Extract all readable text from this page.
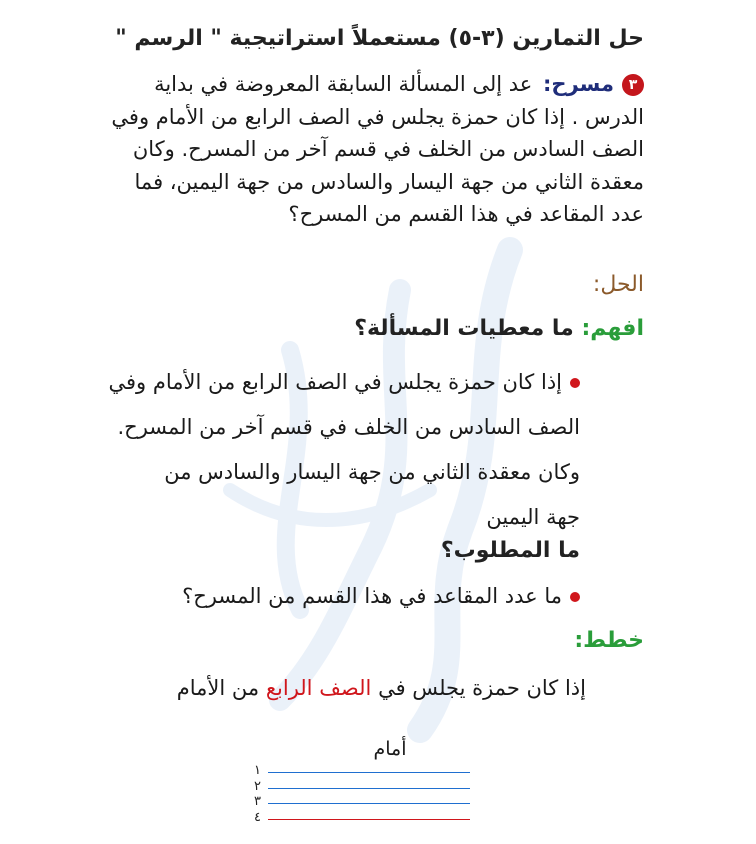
حل التمارين (٣-٥) مستعملاً استراتيجية " الرسم "
٣مسرح: عد إلى المسألة السابقة المعروضة في بداية الدرس . إذا كان حمزة يجلس في الصف الرابع من الأمام وفي الصف السادس من الخلف في قسم آخر من المسرح. وكان معقدة الثاني من جهة اليسار والسادس من جهة اليمين، فما عدد المقاعد في هذا القسم من المسرح؟
الحل:
افهم: ما معطيات المسألة؟
إذا كان حمزة يجلس في الصف الرابع من الأمام وفي
الصف السادس من الخلف في قسم آخر من المسرح.
وكان معقدة الثاني من جهة اليسار والسادس من
جهة اليمين
ما المطلوب؟
ما عدد المقاعد في هذا القسم من المسرح؟
خطط:
إذا كان حمزة يجلس في الصف الرابع من الأمام
أمام
١
٢
٣
٤
